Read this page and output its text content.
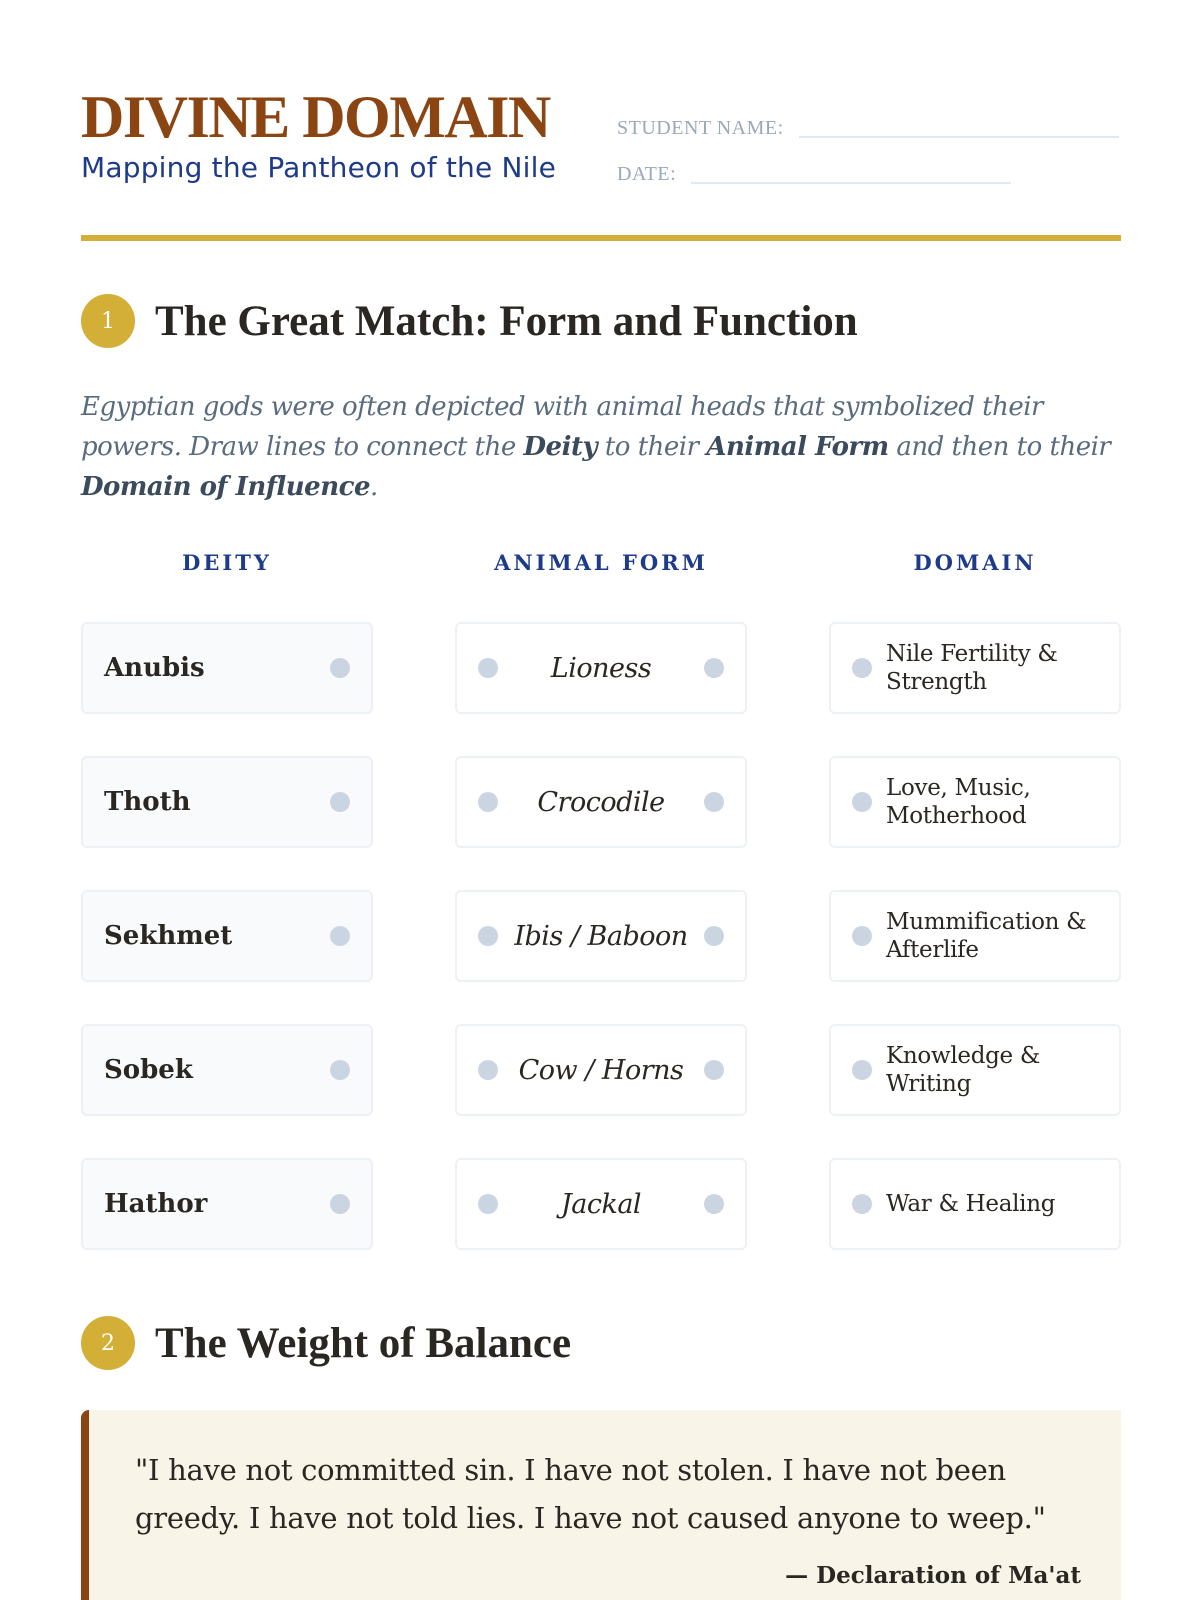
DIVINE DOMAIN
Mapping the Pantheon of the Nile
STUDENT NAME:
DATE:
1 The Great Match: Form and Function
Egyptian gods were often depicted with animal heads that symbolized their powers. Draw lines to connect the Deity to their Animal Form and then to their Domain of Influence.
DEITY	ANIMAL FORM	DOMAIN
Anubis	Lioness	Nile Fertility & Strength
Thoth	Crocodile	Love, Music, Motherhood
Sekhmet	Ibis / Baboon	Mummification & Afterlife
Sobek	Cow / Horns	Knowledge & Writing
Hathor	Jackal	War & Healing
2 The Weight of Balance
"I have not committed sin. I have not stolen. I have not been greedy. I have not told lies. I have not caused anyone to weep."
— Declaration of Ma'at
